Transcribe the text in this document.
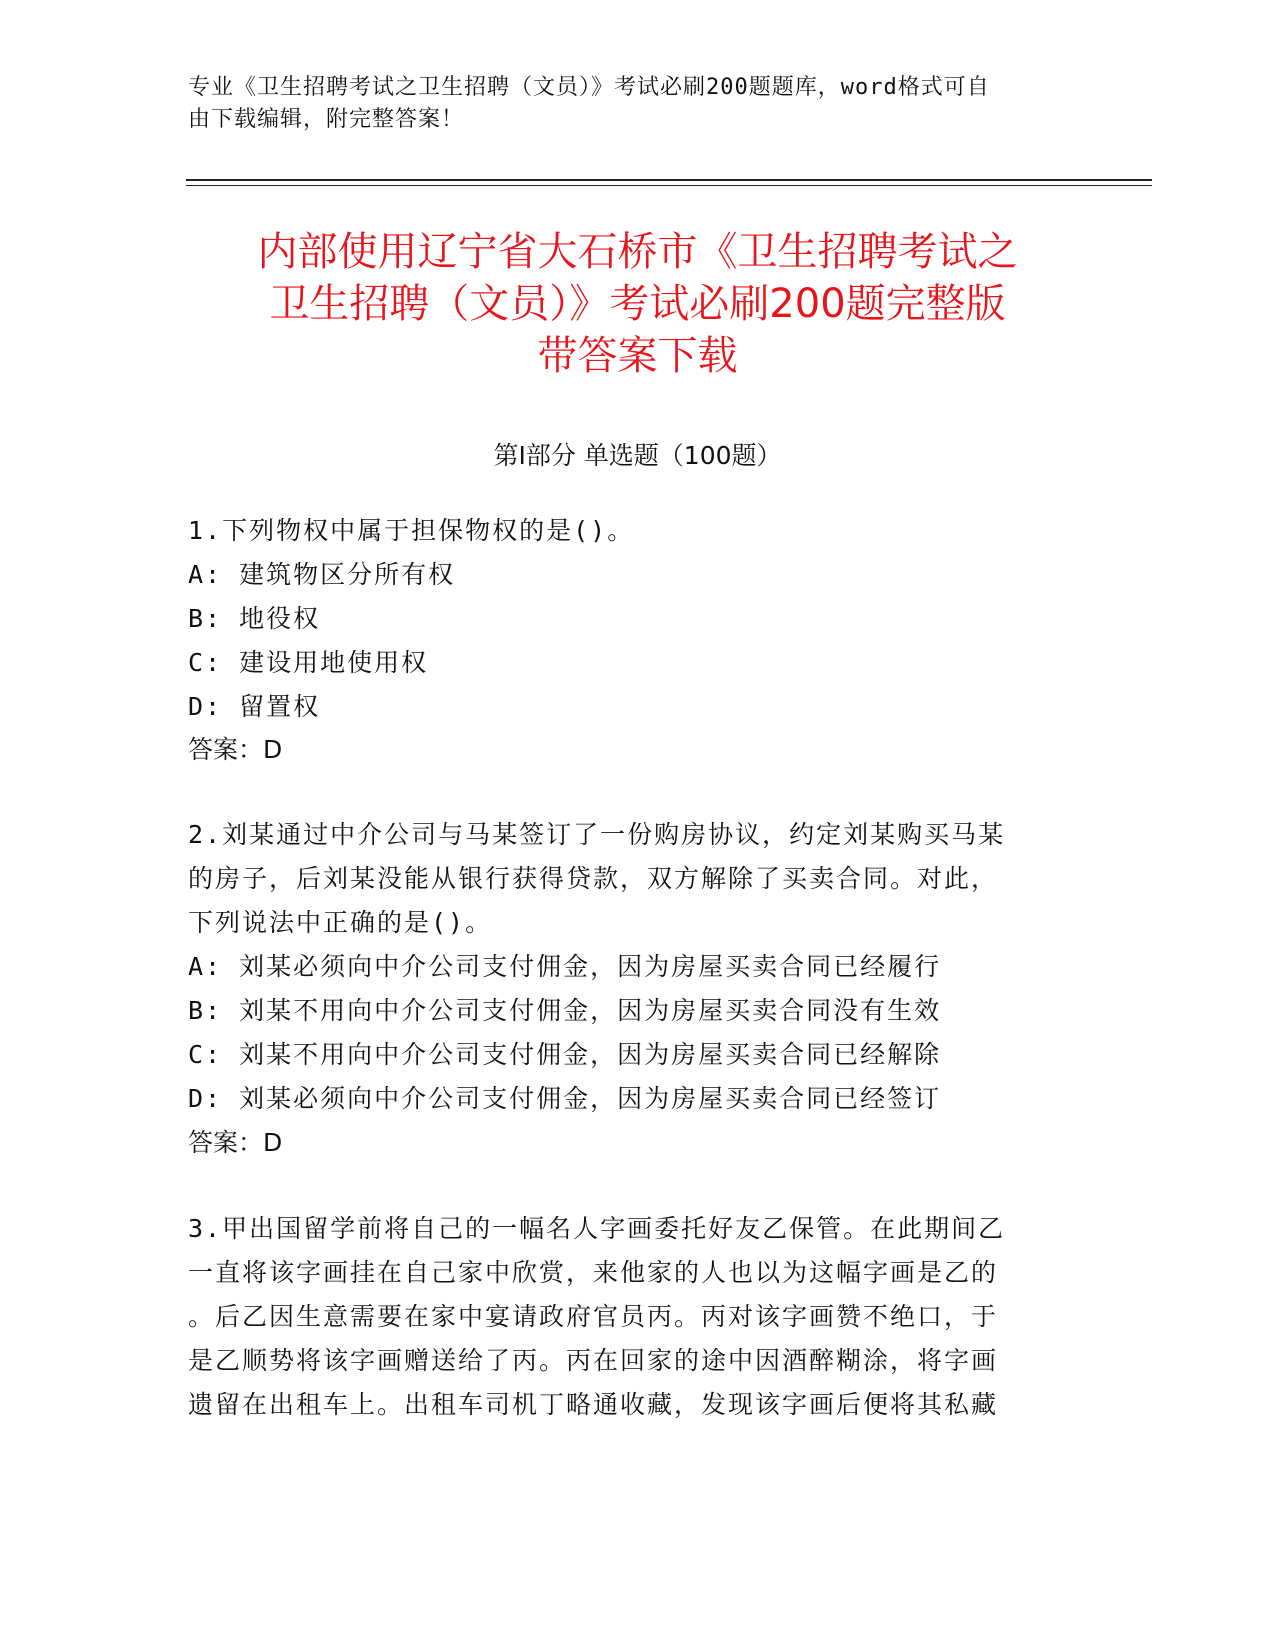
专业《卫生招聘考试之卫生招聘（文员）》考试必刷200题题库，word格式可自
由下载编辑，附完整答案！
内部使用辽宁省大石桥市《卫生招聘考试之
卫生招聘（文员）》考试必刷200题完整版
带答案下载
第Ⅰ部分 单选题（100题）
1.下列物权中属于担保物权的是()。
A: 建筑物区分所有权
B: 地役权
C: 建设用地使用权
D: 留置权
答案：D
2.刘某通过中介公司与马某签订了一份购房协议，约定刘某购买马某
的房子，后刘某没能从银行获得贷款，双方解除了买卖合同。对此，
下列说法中正确的是()。
A: 刘某必须向中介公司支付佣金，因为房屋买卖合同已经履行
B: 刘某不用向中介公司支付佣金，因为房屋买卖合同没有生效
C: 刘某不用向中介公司支付佣金，因为房屋买卖合同已经解除
D: 刘某必须向中介公司支付佣金，因为房屋买卖合同已经签订
答案：D
3.甲出国留学前将自己的一幅名人字画委托好友乙保管。在此期间乙
一直将该字画挂在自己家中欣赏，来他家的人也以为这幅字画是乙的
。后乙因生意需要在家中宴请政府官员丙。丙对该字画赞不绝口，于
是乙顺势将该字画赠送给了丙。丙在回家的途中因酒醉糊涂，将字画
遗留在出租车上。出租车司机丁略通收藏，发现该字画后便将其私藏
